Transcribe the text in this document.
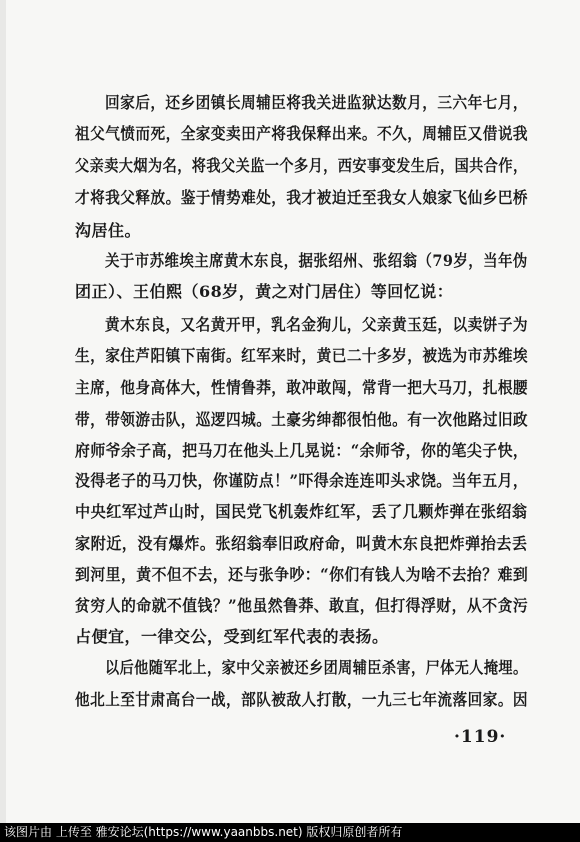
回家后，还乡团镇长周辅臣将我关进监狱达数月，三六年七月，
祖父气愤而死，全家变卖田产将我保释出来。不久，周辅臣又借说我
父亲卖大烟为名，将我父关监一个多月，西安事变发生后，国共合作，
才将我父释放。鉴于情势难处，我才被迫迁至我女人娘家飞仙乡巴桥
沟居住。
关于市苏维埃主席黄木东良，据张绍州、张绍翁（79岁，当年伪
团正）、王伯熙（68岁，黄之对门居住）等回忆说：
黄木东良，又名黄开甲，乳名金狗儿，父亲黄玉廷，以卖饼子为
生，家住芦阳镇下南街。红军来时，黄已二十多岁，被选为市苏维埃
主席，他身高体大，性情鲁莽，敢冲敢闯，常背一把大马刀，扎根腰
带，带领游击队，巡逻四城。土豪劣绅都很怕他。有一次他路过旧政
府师爷余子高，把马刀在他头上几晃说：“余师爷，你的笔尖子快，
没得老子的马刀快，你谨防点！”吓得余连连叩头求饶。当年五月，
中央红军过芦山时，国民党飞机轰炸红军，丢了几颗炸弹在张绍翁
家附近，没有爆炸。张绍翁奉旧政府命，叫黄木东良把炸弹抬去丢
到河里，黄不但不去，还与张争吵：“你们有钱人为啥不去抬？难到
贫穷人的命就不值钱？”他虽然鲁莽、敢直，但打得浮财，从不贪污
占便宜，一律交公，受到红军代表的表扬。
以后他随军北上，家中父亲被还乡团周辅臣杀害，尸体无人掩埋。
他北上至甘肃高台一战，部队被敌人打散，一九三七年流落回家。因
·119·
该图片由 上传至 雅安论坛(https://www.yaanbbs.net) 版权归原创者所有
